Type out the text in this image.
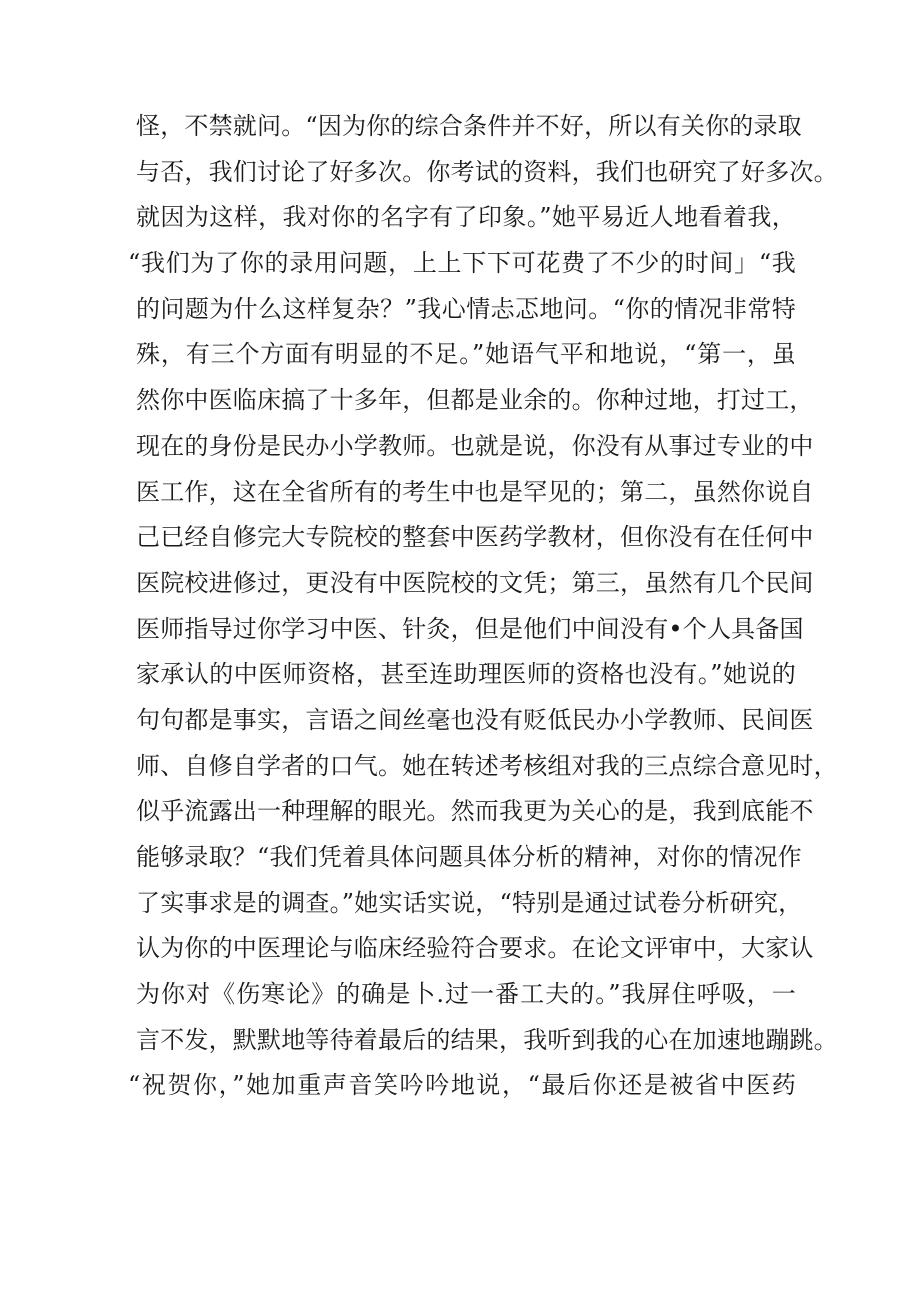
怪，不禁就问。“因为你的综合条件并不好，所以有关你的录取
与否，我们讨论了好多次。你考试的资料，我们也研究了好多次。
就因为这样，我对你的名字有了印象。”她平易近人地看着我，
“我们为了你的录用问题，上上下下可花费了不少的时间」“我
的问题为什么这样复杂？”我心情忐忑地问。“你的情况非常特
殊，有三个方面有明显的不足。”她语气平和地说，“第一，虽
然你中医临床搞了十多年，但都是业余的。你种过地，打过工，
现在的身份是民办小学教师。也就是说，你没有从事过专业的中
医工作，这在全省所有的考生中也是罕见的；第二，虽然你说自
己已经自修完大专院校的整套中医药学教材，但你没有在任何中
医院校进修过，更没有中医院校的文凭；第三，虽然有几个民间
医师指导过你学习中医、针灸，但是他们中间没有•个人具备国
家承认的中医师资格，甚至连助理医师的资格也没有。”她说的
句句都是事实，言语之间丝毫也没有贬低民办小学教师、民间医
师、自修自学者的口气。她在转述考核组对我的三点综合意见时，
似乎流露出一种理解的眼光。然而我更为关心的是，我到底能不
能够录取？“我们凭着具体问题具体分析的精神，对你的情况作
了实事求是的调查。”她实话实说，“特别是通过试卷分析研究，
认为你的中医理论与临床经验符合要求。在论文评审中，大家认
为你对《伤寒论》的确是卜.过一番工夫的。”我屏住呼吸，一
言不发，默默地等待着最后的结果，我听到我的心在加速地蹦跳。
“祝贺你，”她加重声音笑吟吟地说，“最后你还是被省中医药
